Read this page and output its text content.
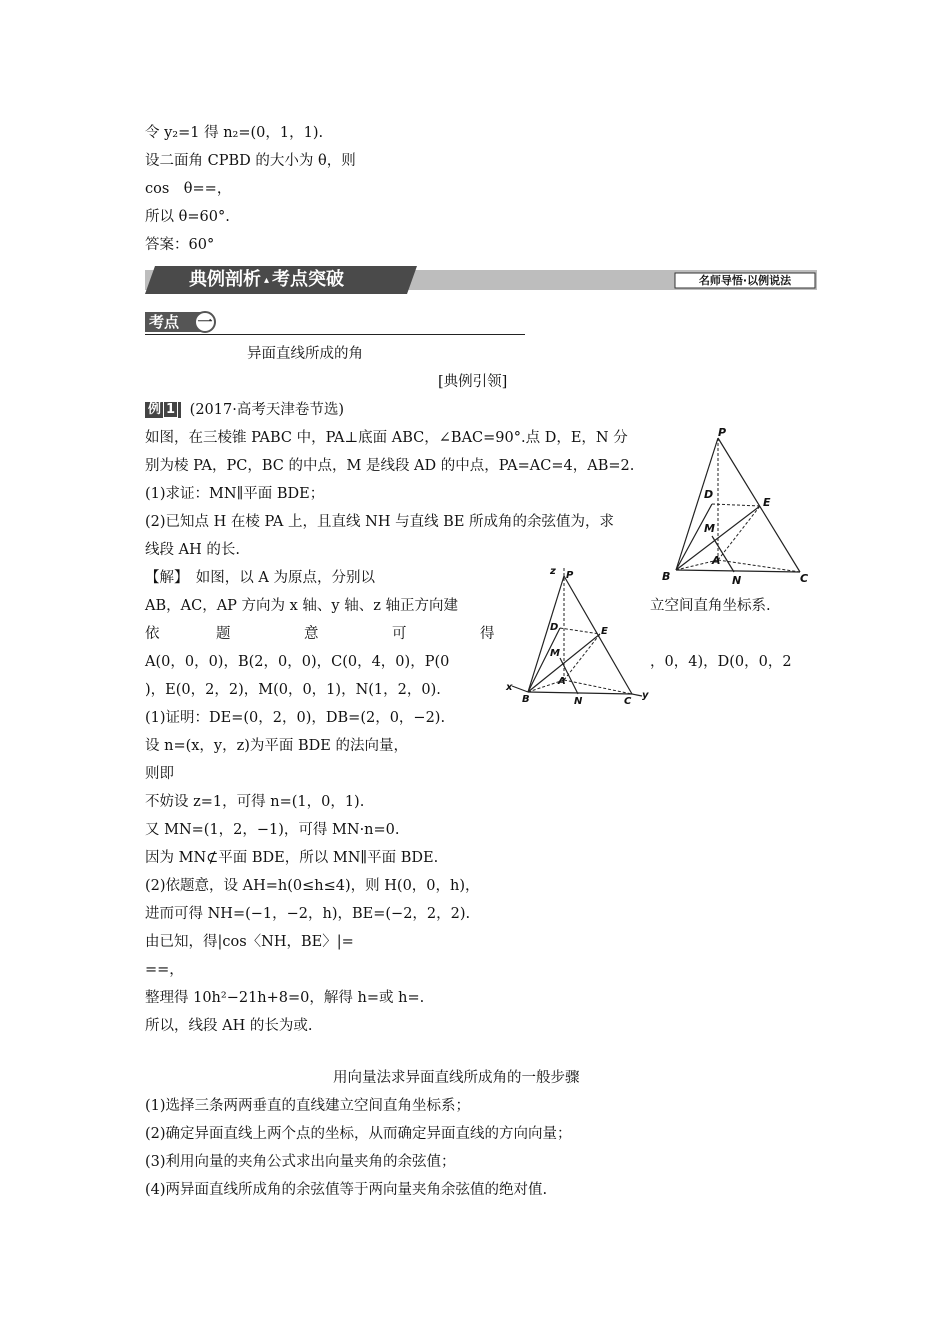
令 y₂=1 得 n₂=(0，1，1).
设二面角 CPBD 的大小为 θ，则
cos　θ==，
所以 θ=60°.
答案：60°
典例剖析 ▴ 考点突破	名师导悟·以例说法
考点 一
异面直线所成的角
[典例引领]
例 1 (2017·高考天津卷节选)
如图，在三棱锥 PABC 中，PA⊥底面 ABC，∠BAC=90°.点 D，E，N 分
别为棱 PA，PC，BC 的中点，M 是线段 AD 的中点，PA=AC=4，AB=2.
(1)求证：MN∥平面 BDE；
(2)已知点 H 在棱 PA 上，且直线 NH 与直线 BE 所成角的余弦值为，求
线段 AH 的长.
P
D
E
M
A
B	N	C
【解】　如图，以 A 为原点，分别以
AB，AC，AP 方向为 x 轴、y 轴、z 轴正方向建	立空间直角坐标系.
依	题	意	可	得
A(0，0，0)，B(2，0，0)，C(0，4，0)，P(0	，0，4)，D(0，0，2
)，E(0，2，2)，M(0，0，1)，N(1，2，0).
z P
D	E
M
A
x
B	N	C
y
(1)证明：DE=(0，2，0)，DB=(2，0，−2).
设 n=(x，y，z)为平面 BDE 的法向量，
则即
不妨设 z=1，可得 n=(1，0，1).
又 MN=(1，2，−1)，可得 MN·n=0.
因为 MN⊄平面 BDE，所以 MN∥平面 BDE.
(2)依题意，设 AH=h(0≤h≤4)，则 H(0，0，h)，
进而可得 NH=(−1，−2，h)，BE=(−2，2，2).
由已知，得|cos〈NH，BE〉|=
==，
整理得 10h²−21h+8=0，解得 h=或 h=.
所以，线段 AH 的长为或.
用向量法求异面直线所成角的一般步骤
(1)选择三条两两垂直的直线建立空间直角坐标系；
(2)确定异面直线上两个点的坐标，从而确定异面直线的方向向量；
(3)利用向量的夹角公式求出向量夹角的余弦值；
(4)两异面直线所成角的余弦值等于两向量夹角余弦值的绝对值.
